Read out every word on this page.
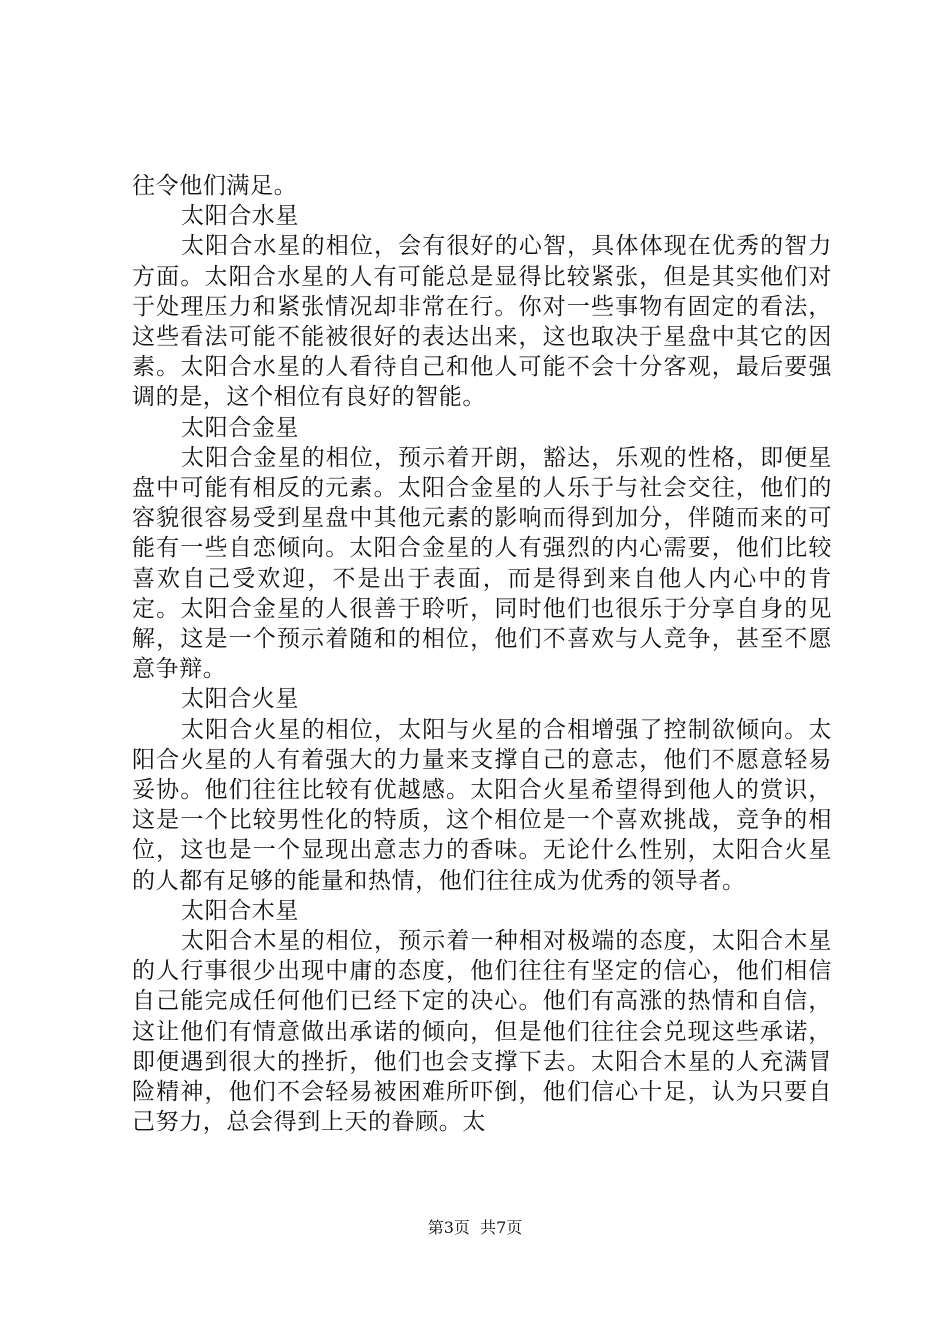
往令他们满足。

太阳合水星

太阳合水星的相位，会有很好的心智，具体体现在优秀的智力方面。太阳合水星的人有可能总是显得比较紧张，但是其实他们对于处理压力和紧张情况却非常在行。你对一些事物有固定的看法，这些看法可能不能被很好的表达出来，这也取决于星盘中其它的因素。太阳合水星的人看待自己和他人可能不会十分客观，最后要强调的是，这个相位有良好的智能。

太阳合金星

太阳合金星的相位，预示着开朗，豁达，乐观的性格，即便星盘中可能有相反的元素。太阳合金星的人乐于与社会交往，他们的容貌很容易受到星盘中其他元素的影响而得到加分，伴随而来的可能有一些自恋倾向。太阳合金星的人有强烈的内心需要，他们比较喜欢自己受欢迎，不是出于表面，而是得到来自他人内心中的肯定。太阳合金星的人很善于聆听，同时他们也很乐于分享自身的见解，这是一个预示着随和的相位，他们不喜欢与人竞争，甚至不愿意争辩。

太阳合火星

太阳合火星的相位，太阳与火星的合相增强了控制欲倾向。太阳合火星的人有着强大的力量来支撑自己的意志，他们不愿意轻易妥协。他们往往比较有优越感。太阳合火星希望得到他人的赏识，这是一个比较男性化的特质，这个相位是一个喜欢挑战，竞争的相位，这也是一个显现出意志力的香味。无论什么性别，太阳合火星的人都有足够的能量和热情，他们往往成为优秀的领导者。

太阳合木星

太阳合木星的相位，预示着一种相对极端的态度，太阳合木星的人行事很少出现中庸的态度，他们往往有坚定的信心，他们相信自己能完成任何他们已经下定的决心。他们有高涨的热情和自信，这让他们有情意做出承诺的倾向，但是他们往往会兑现这些承诺，即便遇到很大的挫折，他们也会支撑下去。太阳合木星的人充满冒险精神，他们不会轻易被困难所吓倒，他们信心十足，认为只要自己努力，总会得到上天的眷顾。太

第3页  共7页
